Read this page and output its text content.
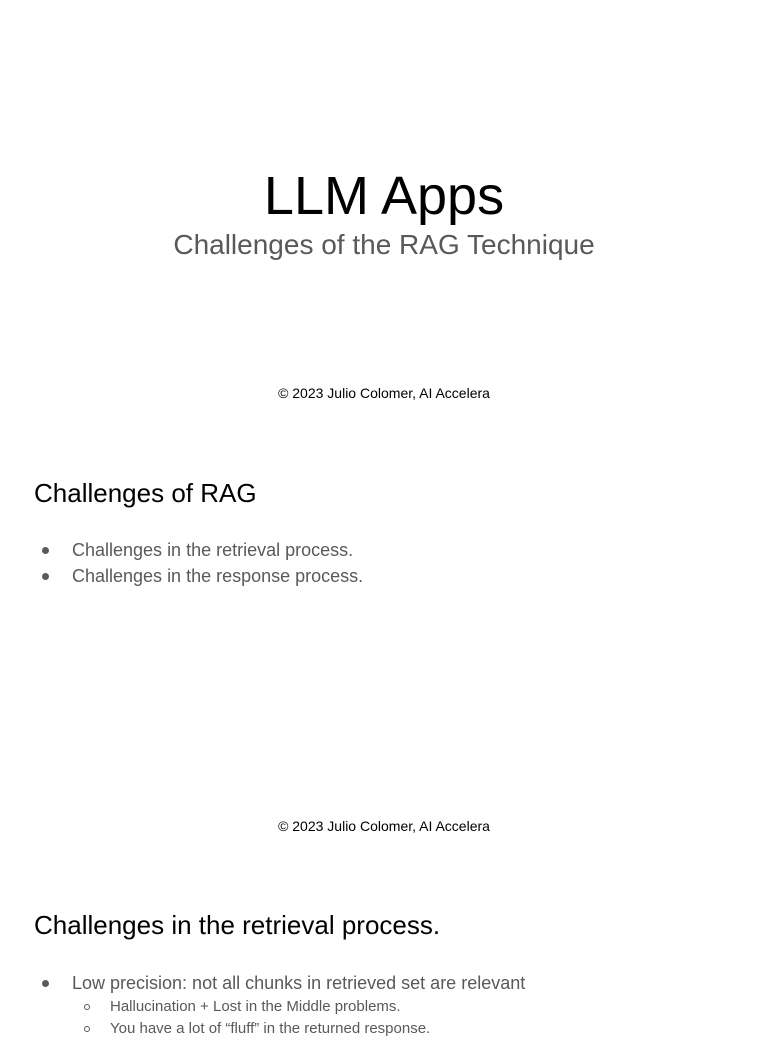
LLM Apps
Challenges of the RAG Technique
© 2023 Julio Colomer, AI Accelera
Challenges of RAG
Challenges in the retrieval process.
Challenges in the response process.
© 2023 Julio Colomer, AI Accelera
Challenges in the retrieval process.
Low precision: not all chunks in retrieved set are relevant
Hallucination + Lost in the Middle problems.
You have a lot of “fluff” in the returned response.
